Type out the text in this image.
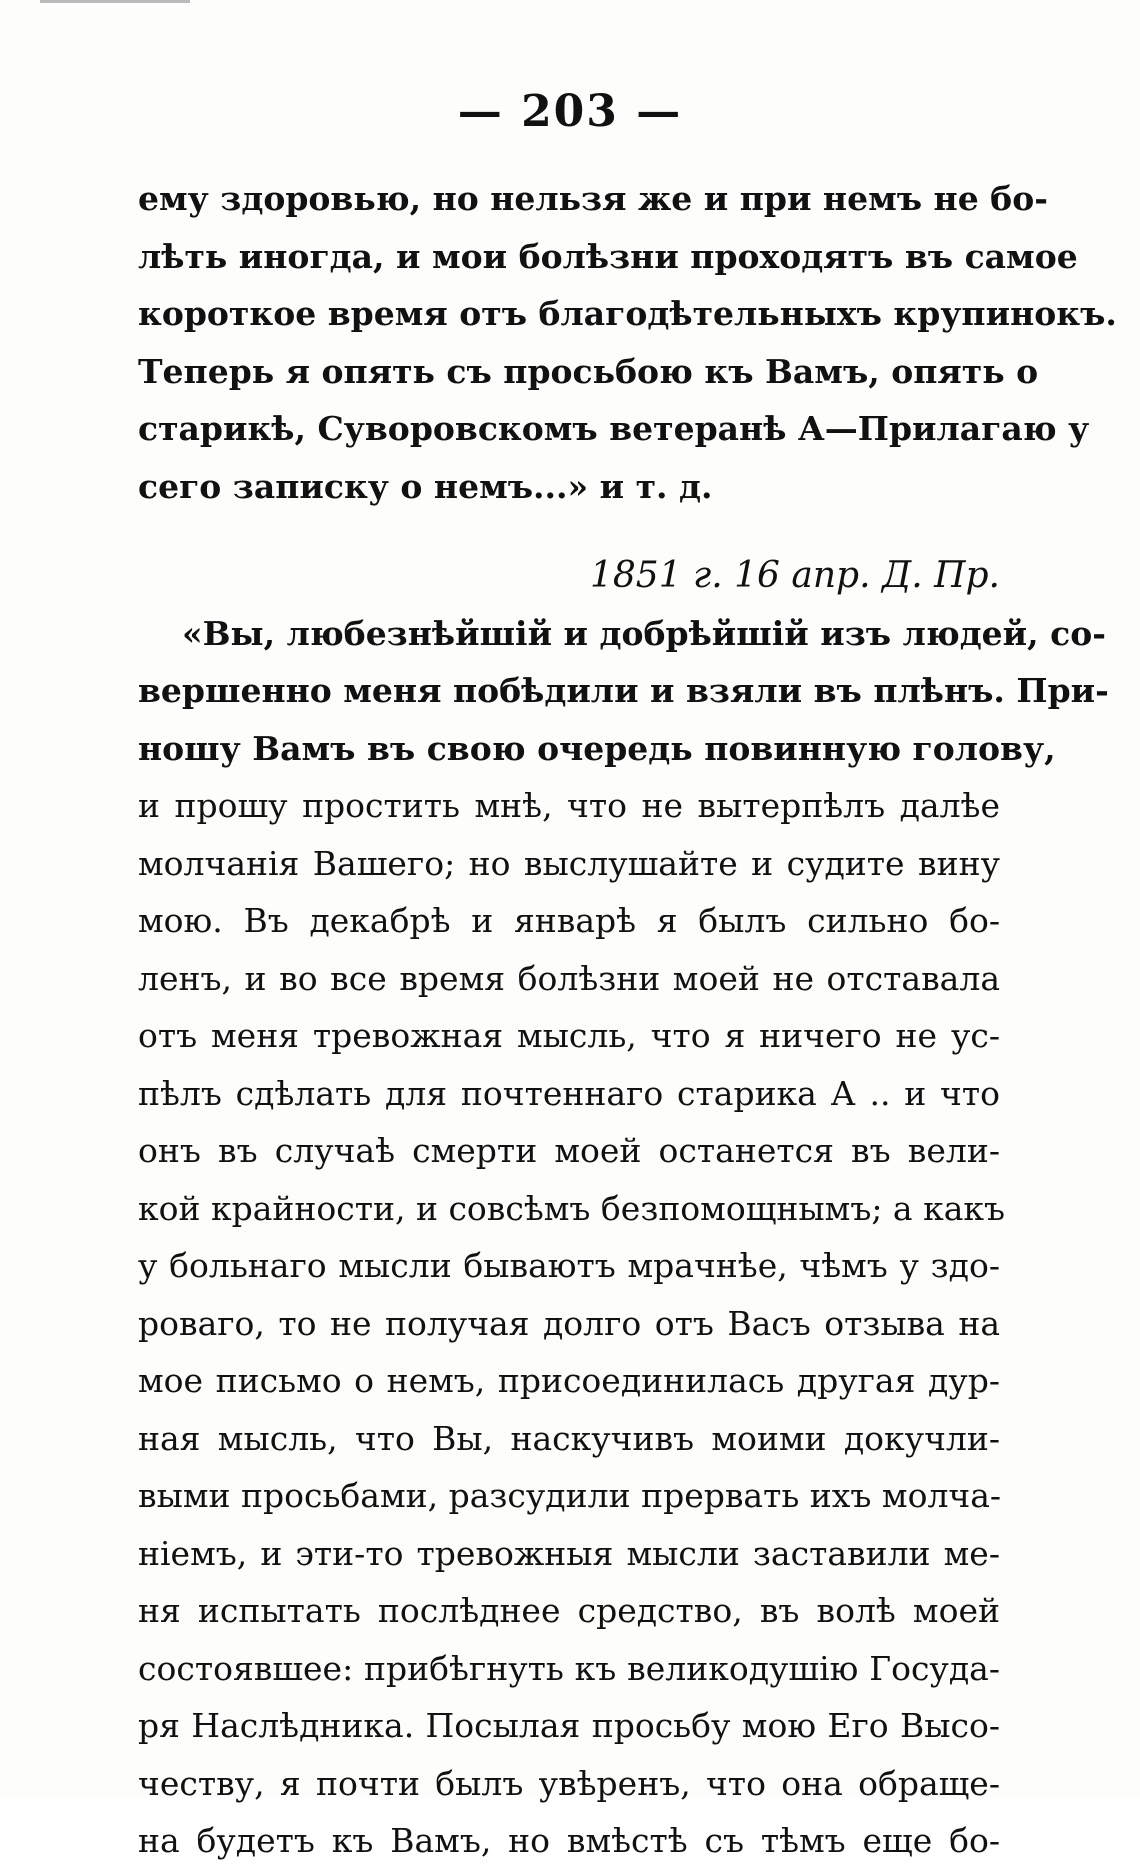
— 203 —
ему здоровью, но нельзя же и при немъ не бо-
лѣть иногда, и мои болѣзни проходятъ въ самое
короткое время отъ благодѣтельныхъ крупинокъ.
Теперь я опять съ просьбою къ Вамъ, опять о
старикѣ, Суворовскомъ ветеранѣ А—Прилагаю у
сего записку о немъ...» и т. д.
1851 г. 16 апр. Д. Пр.
«Вы, любезнѣйшій и добрѣйшій изъ людей, со-
вершенно меня побѣдили и взяли въ плѣнъ. При-
ношу Вамъ въ свою очередь повинную голову,
и прошу простить мнѣ, что не вытерпѣлъ далѣе
молчанія Вашего; но выслушайте и судите вину
мою. Въ декабрѣ и январѣ я былъ сильно бо-
ленъ, и во все время болѣзни моей не отставала
отъ меня тревожная мысль, что я ничего не ус-
пѣлъ сдѣлать для почтеннаго старика А .. и что
онъ въ случаѣ смерти моей останется въ вели-
кой крайности, и совсѣмъ безпомощнымъ; а какъ
у больнаго мысли бываютъ мрачнѣе, чѣмъ у здо-
роваго, то не получая долго отъ Васъ отзыва на
мое письмо о немъ, присоединилась другая дур-
ная мысль, что Вы, наскучивъ моими докучли-
выми просьбами, разсудили прервать ихъ молча-
ніемъ, и эти-то тревожныя мысли заставили ме-
ня испытать послѣднее средство, въ волѣ моей
состоявшее: прибѣгнуть къ великодушію Госуда-
ря Наслѣдника. Посылая просьбу мою Его Высо-
честву, я почти былъ увѣренъ, что она обраще-
на будетъ къ Вамъ, но вмѣстѣ съ тѣмъ еще бо-
